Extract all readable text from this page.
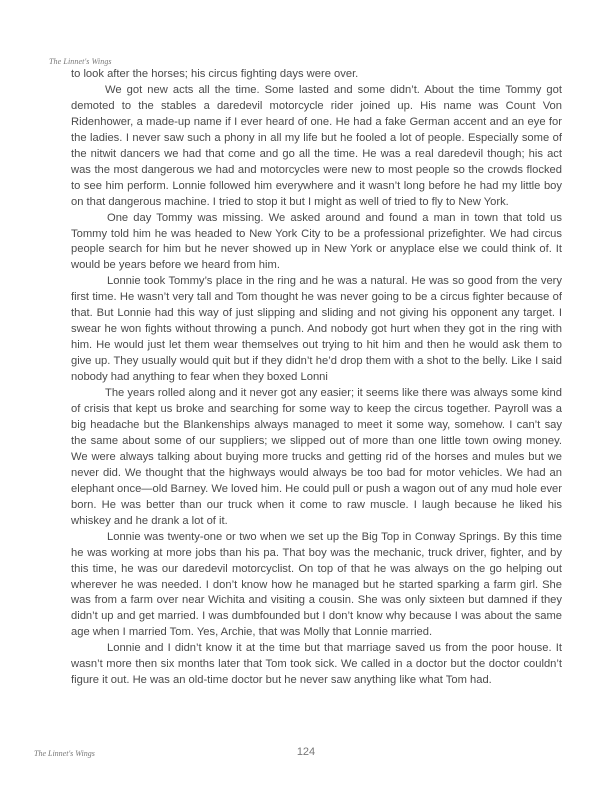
The Linnet's Wings

to look after the horses; his circus fighting days were over.

We got new acts all the time. Some lasted and some didn’t. About the time Tommy got demoted to the stables a daredevil motorcycle rider joined up. His name was Count Von Ridenhower, a made-up name if I ever heard of one. He had a fake German accent and an eye for the ladies. I never saw such a phony in all my life but he fooled a lot of people. Especially some of the nitwit dancers we had that come and go all the time. He was a real daredevil though; his act was the most dangerous we had and motorcycles were new to most people so the crowds flocked to see him perform. Lonnie followed him everywhere and it wasn’t long before he had my little boy on that dangerous machine. I tried to stop it but I might as well of tried to fly to New York.

One day Tommy was missing. We asked around and found a man in town that told us Tommy told him he was headed to New York City to be a professional prizefighter. We had circus people search for him but he never showed up in New York or anyplace else we could think of. It would be years before we heard from him.

Lonnie took Tommy’s place in the ring and he was a natural. He was so good from the very first time. He wasn’t very tall and Tom thought he was never going to be a circus fighter because of that. But Lonnie had this way of just slipping and sliding and not giving his opponent any target. I swear he won fights without throwing a punch. And nobody got hurt when they got in the ring with him. He would just let them wear themselves out trying to hit him and then he would ask them to give up. They usually would quit but if they didn’t he’d drop them with a shot to the belly. Like I said nobody had anything to fear when they boxed Lonni

The years rolled along and it never got any easier; it seems like there was always some kind of crisis that kept us broke and searching for some way to keep the circus together. Payroll was a big headache but the Blankenships always managed to meet it some way, somehow. I can’t say the same about some of our suppliers; we slipped out of more than one little town owing money. We were always talking about buying more trucks and getting rid of the horses and mules but we never did. We thought that the highways would always be too bad for motor vehicles. We had an elephant once—old Barney. We loved him. He could pull or push a wagon out of any mud hole ever born. He was better than our truck when it come to raw muscle. I laugh because he liked his whiskey and he drank a lot of it.

Lonnie was twenty-one or two when we set up the Big Top in Conway Springs. By this time he was working at more jobs than his pa. That boy was the mechanic, truck driver, fighter, and by this time, he was our daredevil motorcyclist. On top of that he was always on the go helping out wherever he was needed. I don’t know how he managed but he started sparking a farm girl. She was from a farm over near Wichita and visiting a cousin. She was only sixteen but damned if they didn’t up and get married. I was dumbfounded but I don’t know why because I was about the same age when I married Tom. Yes, Archie, that was Molly that Lonnie married.

Lonnie and I didn’t know it at the time but that marriage saved us from the poor house. It wasn’t more then six months later that Tom took sick. We called in a doctor but the doctor couldn’t figure it out. He was an old-time doctor but he never saw anything like what Tom had.

The Linnet's Wings	124
